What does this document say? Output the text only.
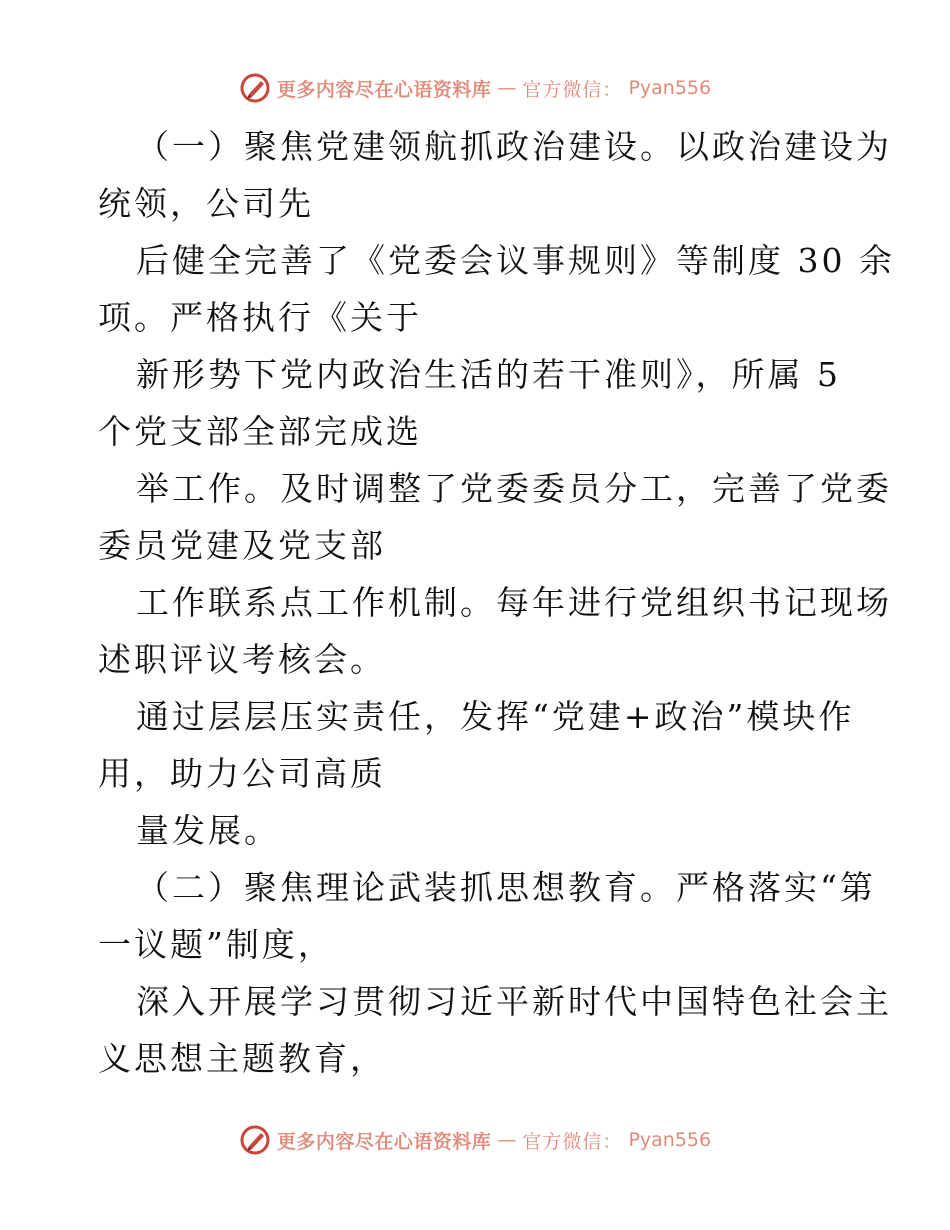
更多内容尽在心语资料库 — 官方微信： Pyan556
（一）聚焦党建领航抓政治建设。以政治建设为
统领，公司先
后健全完善了《党委会议事规则》等制度 30 余
项。严格执行《关于
新形势下党内政治生活的若干准则》，所属 5
个党支部全部完成选
举工作。及时调整了党委委员分工，完善了党委
委员党建及党支部
工作联系点工作机制。每年进行党组织书记现场
述职评议考核会。
通过层层压实责任，发挥“党建+政治”模块作
用，助力公司高质
量发展。
（二）聚焦理论武装抓思想教育。严格落实“第
一议题”制度，
深入开展学习贯彻习近平新时代中国特色社会主
义思想主题教育，
更多内容尽在心语资料库 — 官方微信： Pyan556
